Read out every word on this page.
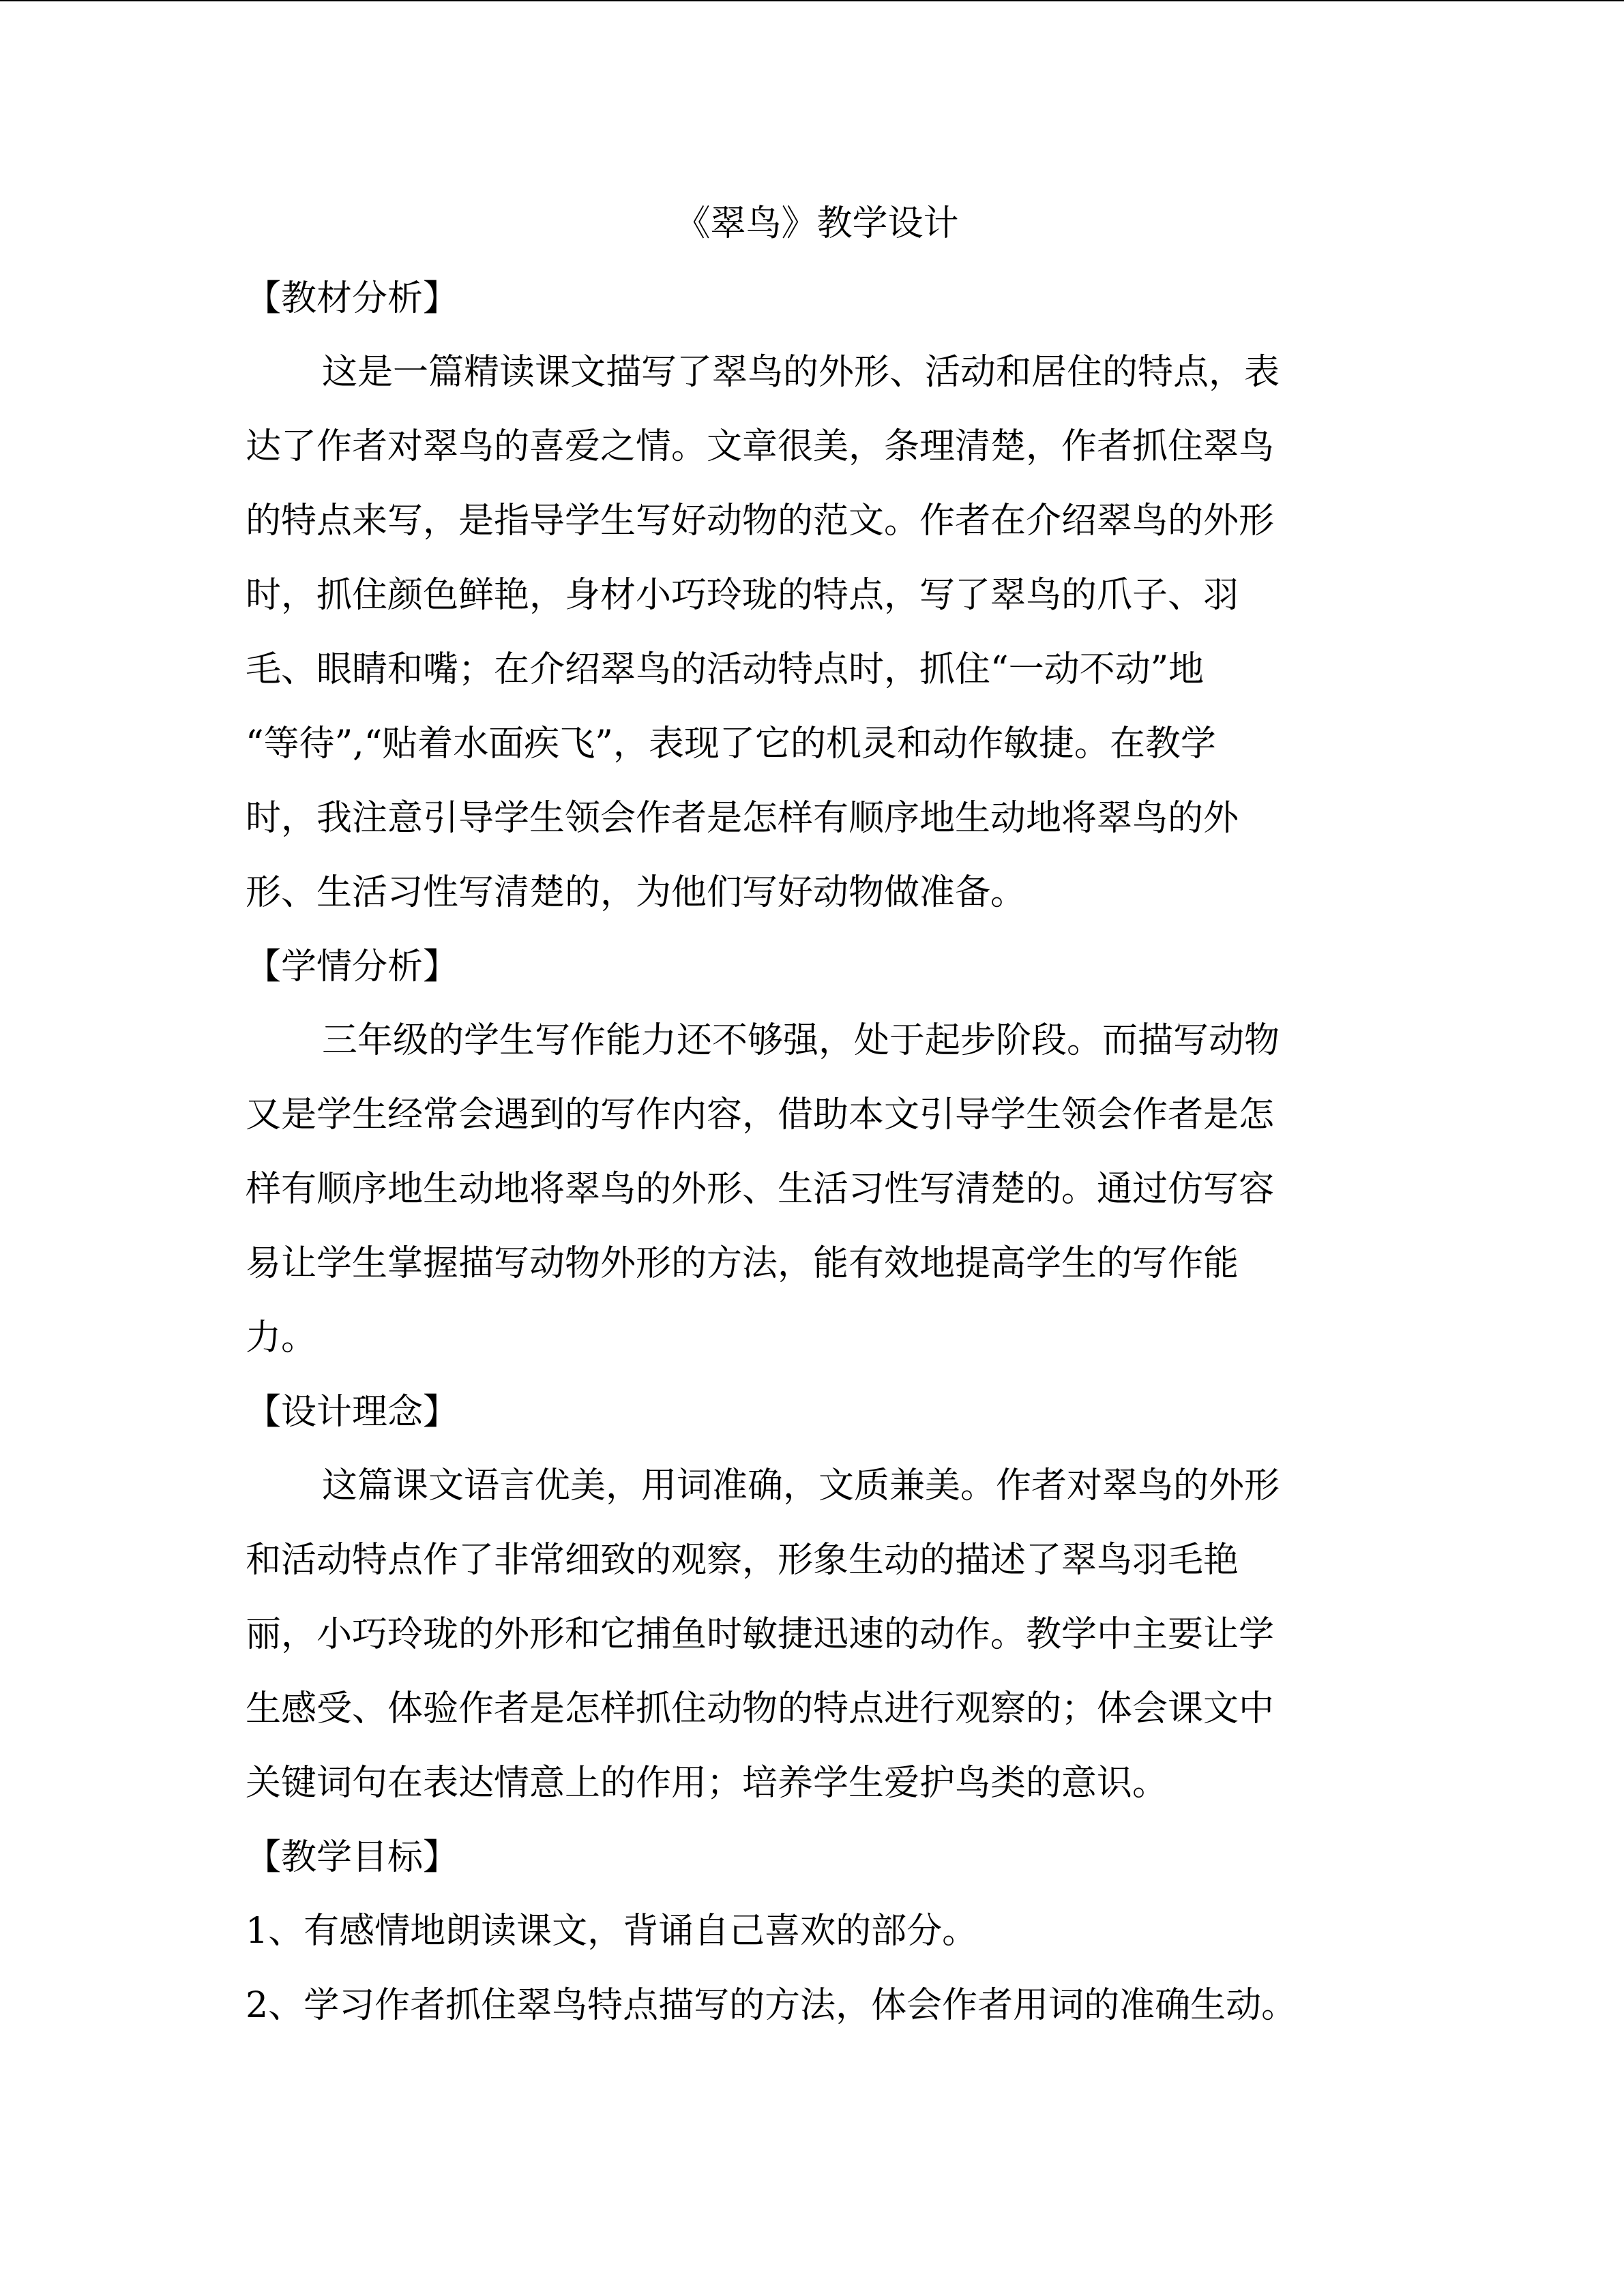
《翠鸟》教学设计

【教材分析】

这是一篇精读课文描写了翠鸟的外形、活动和居住的特点，表
达了作者对翠鸟的喜爱之情。文章很美，条理清楚，作者抓住翠鸟
的特点来写，是指导学生写好动物的范文。作者在介绍翠鸟的外形
时，抓住颜色鲜艳，身材小巧玲珑的特点，写了翠鸟的爪子、羽
毛、眼睛和嘴；在介绍翠鸟的活动特点时，抓住“一动不动”地
“等待”,“贴着水面疾飞”，表现了它的机灵和动作敏捷。在教学
时，我注意引导学生领会作者是怎样有顺序地生动地将翠鸟的外
形、生活习性写清楚的，为他们写好动物做准备。

【学情分析】

三年级的学生写作能力还不够强，处于起步阶段。而描写动物
又是学生经常会遇到的写作内容，借助本文引导学生领会作者是怎
样有顺序地生动地将翠鸟的外形、生活习性写清楚的。通过仿写容
易让学生掌握描写动物外形的方法，能有效地提高学生的写作能
力。

【设计理念】

这篇课文语言优美，用词准确，文质兼美。作者对翠鸟的外形
和活动特点作了非常细致的观察，形象生动的描述了翠鸟羽毛艳
丽，小巧玲珑的外形和它捕鱼时敏捷迅速的动作。教学中主要让学
生感受、体验作者是怎样抓住动物的特点进行观察的；体会课文中
关键词句在表达情意上的作用；培养学生爱护鸟类的意识。

【教学目标】

1、有感情地朗读课文，背诵自己喜欢的部分。

2、学习作者抓住翠鸟特点描写的方法，体会作者用词的准确生动。
